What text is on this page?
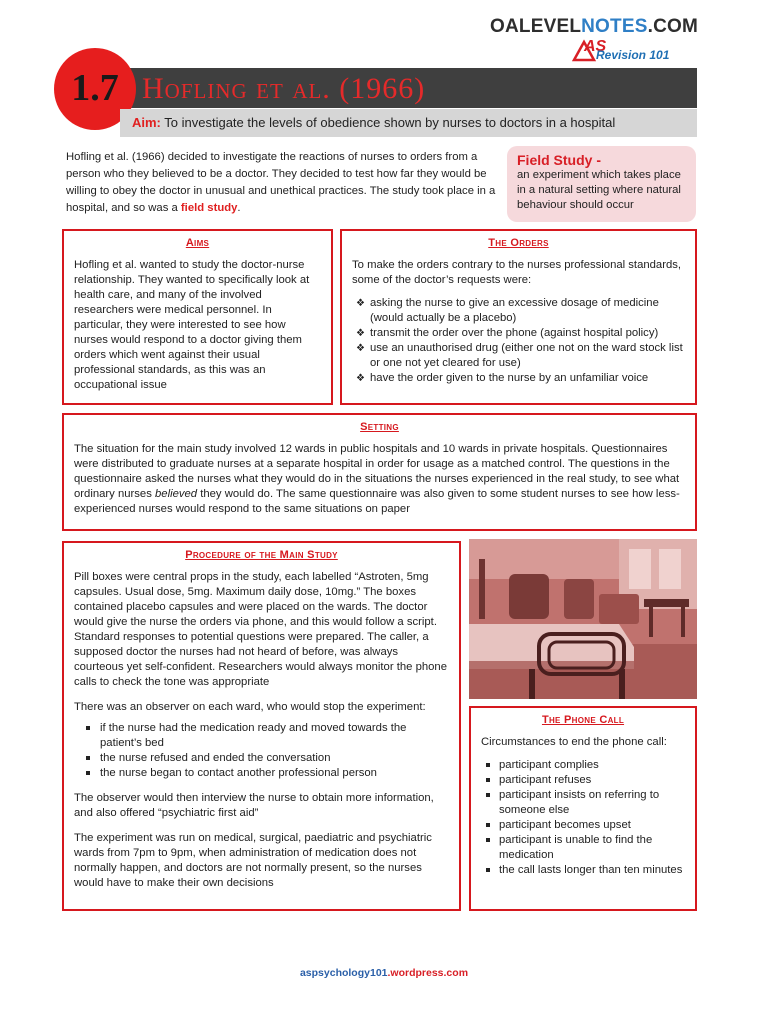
OALEVELNOTES.COM
AS
Revision 101
Hofling et al. (1966)
1.7
Aim: To investigate the levels of obedience shown by nurses to doctors in a hospital
Hofling et al. (1966) decided to investigate the reactions of nurses to orders from a person who they believed to be a doctor. They decided to test how far they would be willing to obey the doctor in unusual and unethical practices. The study took place in a hospital, and so was a field study.
Field Study -
an experiment which takes place in a natural setting where natural behaviour should occur
Aims
Hofling et al. wanted to study the doctor-nurse relationship. They wanted to specifically look at health care, and many of the involved researchers were medical personnel. In particular, they were interested to see how nurses would respond to a doctor giving them orders which went against their usual professional standards, as this was an occupational issue
The Orders
To make the orders contrary to the nurses professional standards, some of the doctor’s requests were:
❖ asking the nurse to give an excessive dosage of medicine (would actually be a placebo)
❖ transmit the order over the phone (against hospital policy)
❖ use an unauthorised drug (either one not on the ward stock list or one not yet cleared for use)
❖ have the order given to the nurse by an unfamiliar voice
Setting
The situation for the main study involved 12 wards in public hospitals and 10 wards in private hospitals. Questionnaires were distributed to graduate nurses at a separate hospital in order for usage as a matched control. The questions in the questionnaire asked the nurses what they would do in the situations the nurses experienced in the real study, to see what ordinary nurses believed they would do. The same questionnaire was also given to some student nurses to see how less-experienced nurses would respond to the same situations on paper
Procedure of the Main Study
Pill boxes were central props in the study, each labelled “Astroten, 5mg capsules. Usual dose, 5mg. Maximum daily dose, 10mg.” The boxes contained placebo capsules and were placed on the wards. The doctor would give the nurse the orders via phone, and this would follow a script. Standard responses to potential questions were prepared. The caller, a supposed doctor the nurses had not heard of before, was always courteous yet self-confident. Researchers would always monitor the phone calls to check the tone was appropriate
There was an observer on each ward, who would stop the experiment:
if the nurse had the medication ready and moved towards the patient’s bed
the nurse refused and ended the conversation
the nurse began to contact another professional person
The observer would then interview the nurse to obtain more information, and also offered “psychiatric first aid”
The experiment was run on medical, surgical, paediatric and psychiatric wards from 7pm to 9pm, when administration of medication does not normally happen, and doctors are not normally present, so the nurses would have to make their own decisions
The Phone Call
Circumstances to end the phone call:
participant complies
participant refuses
participant insists on referring to someone else
participant becomes upset
participant is unable to find the medication
the call lasts longer than ten minutes
aspsychology101.wordpress.com
